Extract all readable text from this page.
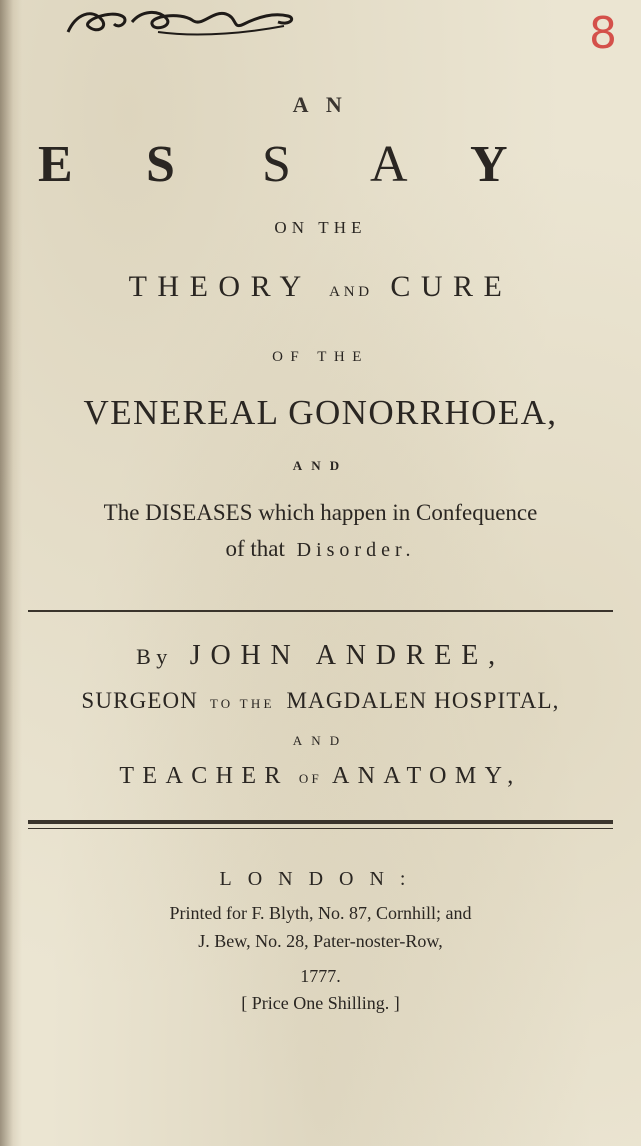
8
A N
E S S A Y
ON THE
THEORY AND CURE
OF THE
VENEREAL GONORRHOEA,
AND
The DISEASES which happen in Confequence
of that Disorder.
By JOHN ANDREE,
SURGEON TO THE MAGDALEN HOSPITAL,
AND
TEACHER OF ANATOMY,
LONDON:
Printed for F. Blyth, No. 87, Cornhill; and
J. Bew, No. 28, Pater-noster-Row,
1777.
[ Price One Shilling. ]
